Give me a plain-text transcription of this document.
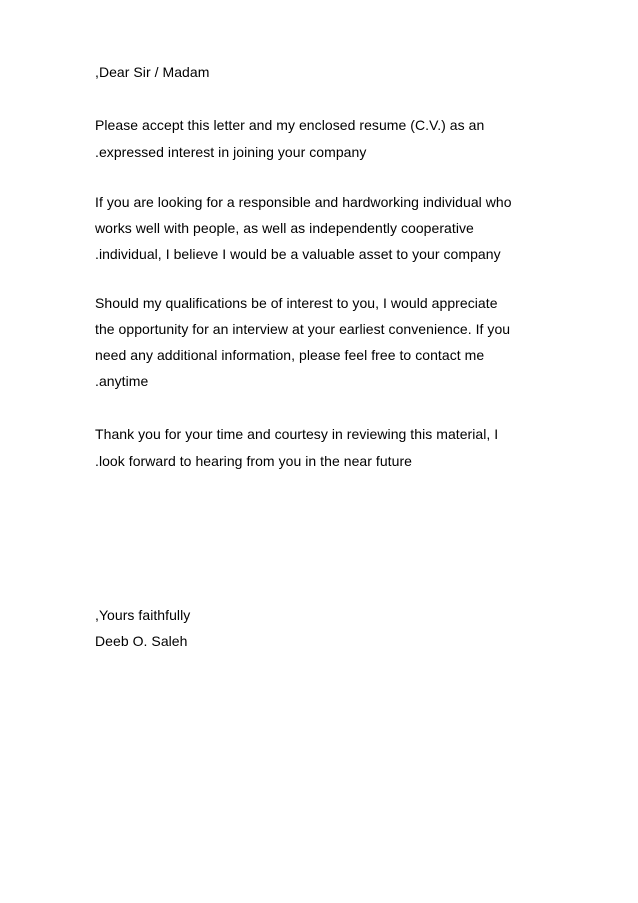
,Dear Sir / Madam
Please accept this letter and my enclosed resume (C.V.) as an
.expressed interest in joining your company
If you are looking for a responsible and hardworking individual who
works well with people, as well as independently cooperative
.individual, I believe I would be a valuable asset to your company
Should my qualifications be of interest to you, I would appreciate
the opportunity for an interview at your earliest convenience. If you
need any additional information, please feel free to contact me
.anytime
Thank you for your time and courtesy in reviewing this material, I
.look forward to hearing from you in the near future
,Yours faithfully
Deeb O. Saleh
